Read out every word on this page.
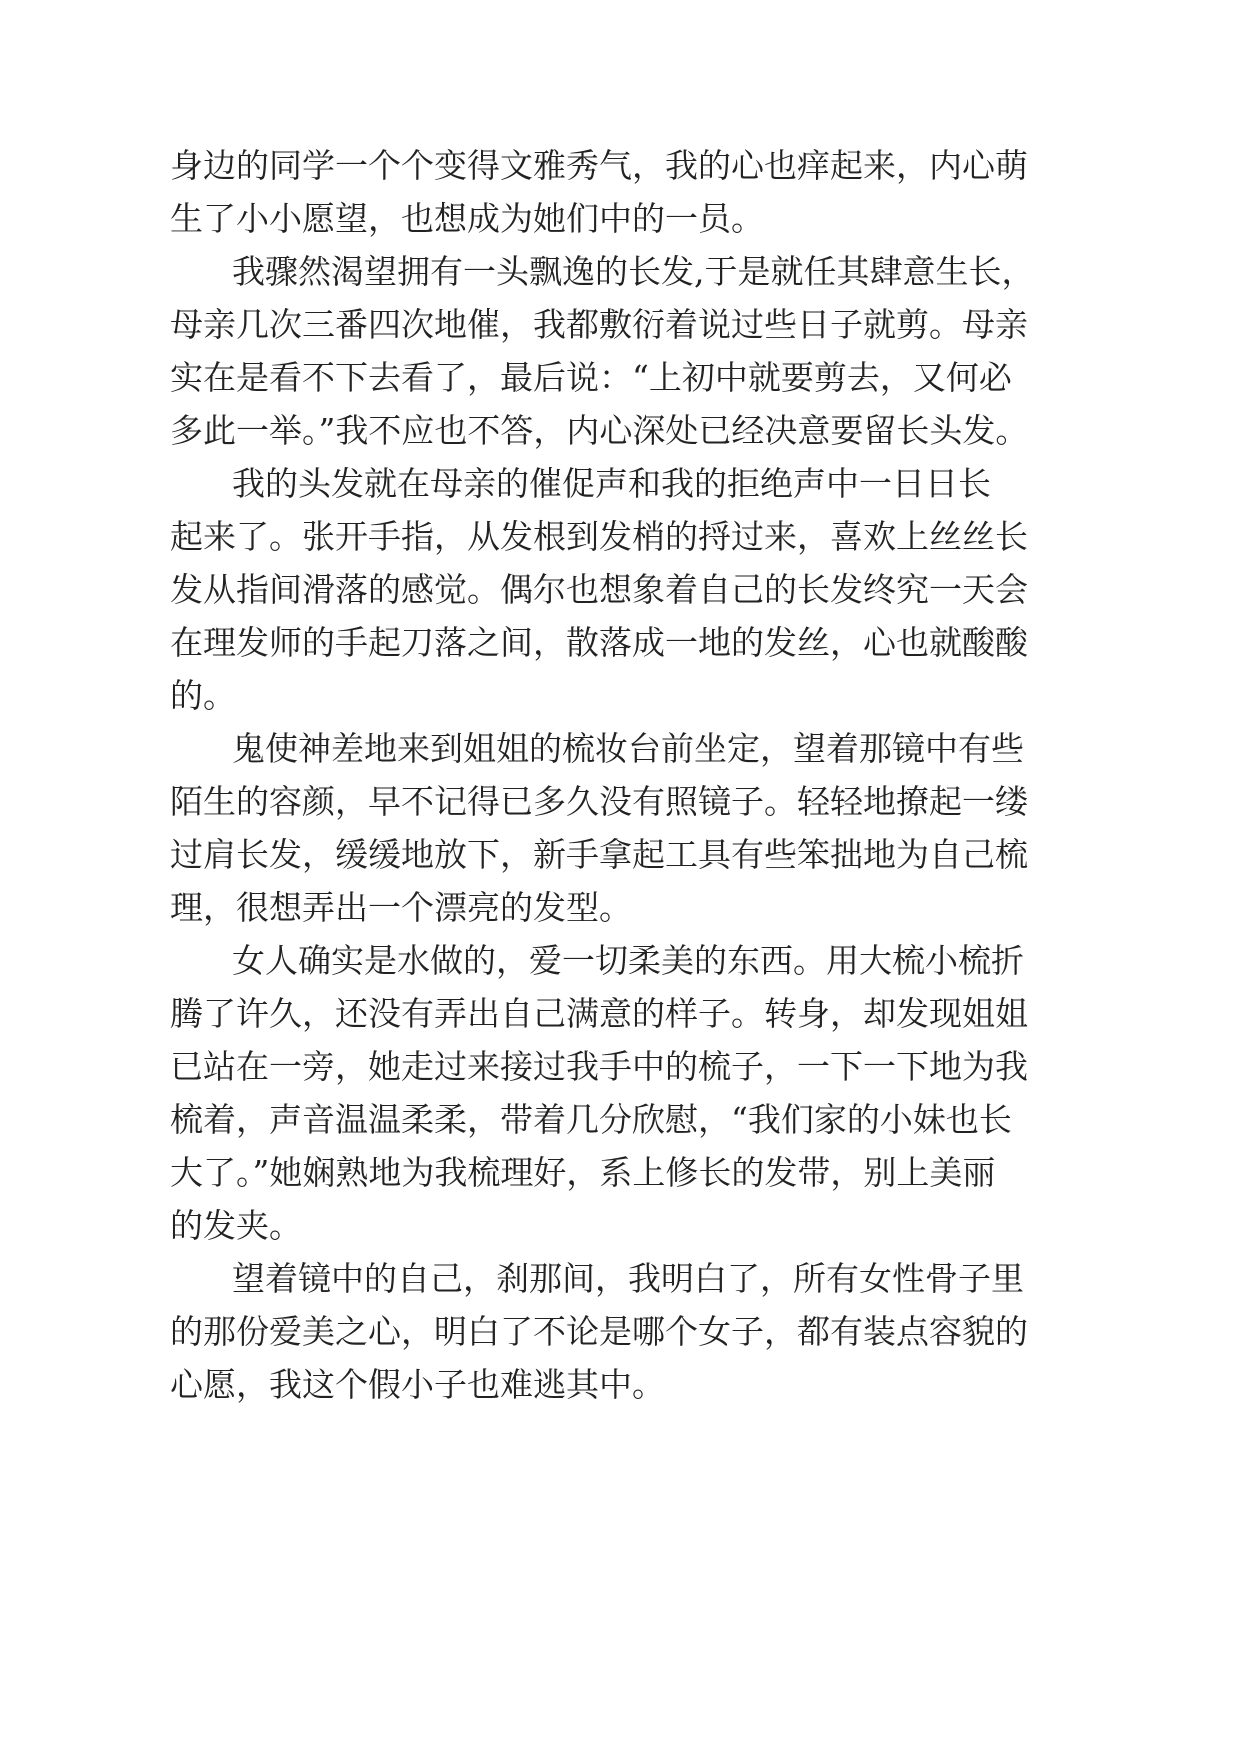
身边的同学一个个变得文雅秀气，我的心也痒起来，内心萌

生了小小愿望，也想成为她们中的一员。

我骤然渴望拥有一头飘逸的长发,于是就任其肆意生长，

母亲几次三番四次地催，我都敷衍着说过些日子就剪。母亲

实在是看不下去看了，最后说：“上初中就要剪去，又何必

多此一举。”我不应也不答，内心深处已经决意要留长头发。

我的头发就在母亲的催促声和我的拒绝声中一日日长

起来了。张开手指，从发根到发梢的捋过来，喜欢上丝丝长

发从指间滑落的感觉。偶尔也想象着自己的长发终究一天会

在理发师的手起刀落之间，散落成一地的发丝，心也就酸酸

的。

鬼使神差地来到姐姐的梳妆台前坐定，望着那镜中有些

陌生的容颜，早不记得已多久没有照镜子。轻轻地撩起一缕

过肩长发，缓缓地放下，新手拿起工具有些笨拙地为自己梳

理，很想弄出一个漂亮的发型。

女人确实是水做的，爱一切柔美的东西。用大梳小梳折

腾了许久，还没有弄出自己满意的样子。转身，却发现姐姐

已站在一旁，她走过来接过我手中的梳子，一下一下地为我

梳着，声音温温柔柔，带着几分欣慰，“我们家的小妹也长

大了。”她娴熟地为我梳理好，系上修长的发带，别上美丽

的发夹。

望着镜中的自己，刹那间，我明白了，所有女性骨子里

的那份爱美之心，明白了不论是哪个女子，都有装点容貌的

心愿，我这个假小子也难逃其中。
